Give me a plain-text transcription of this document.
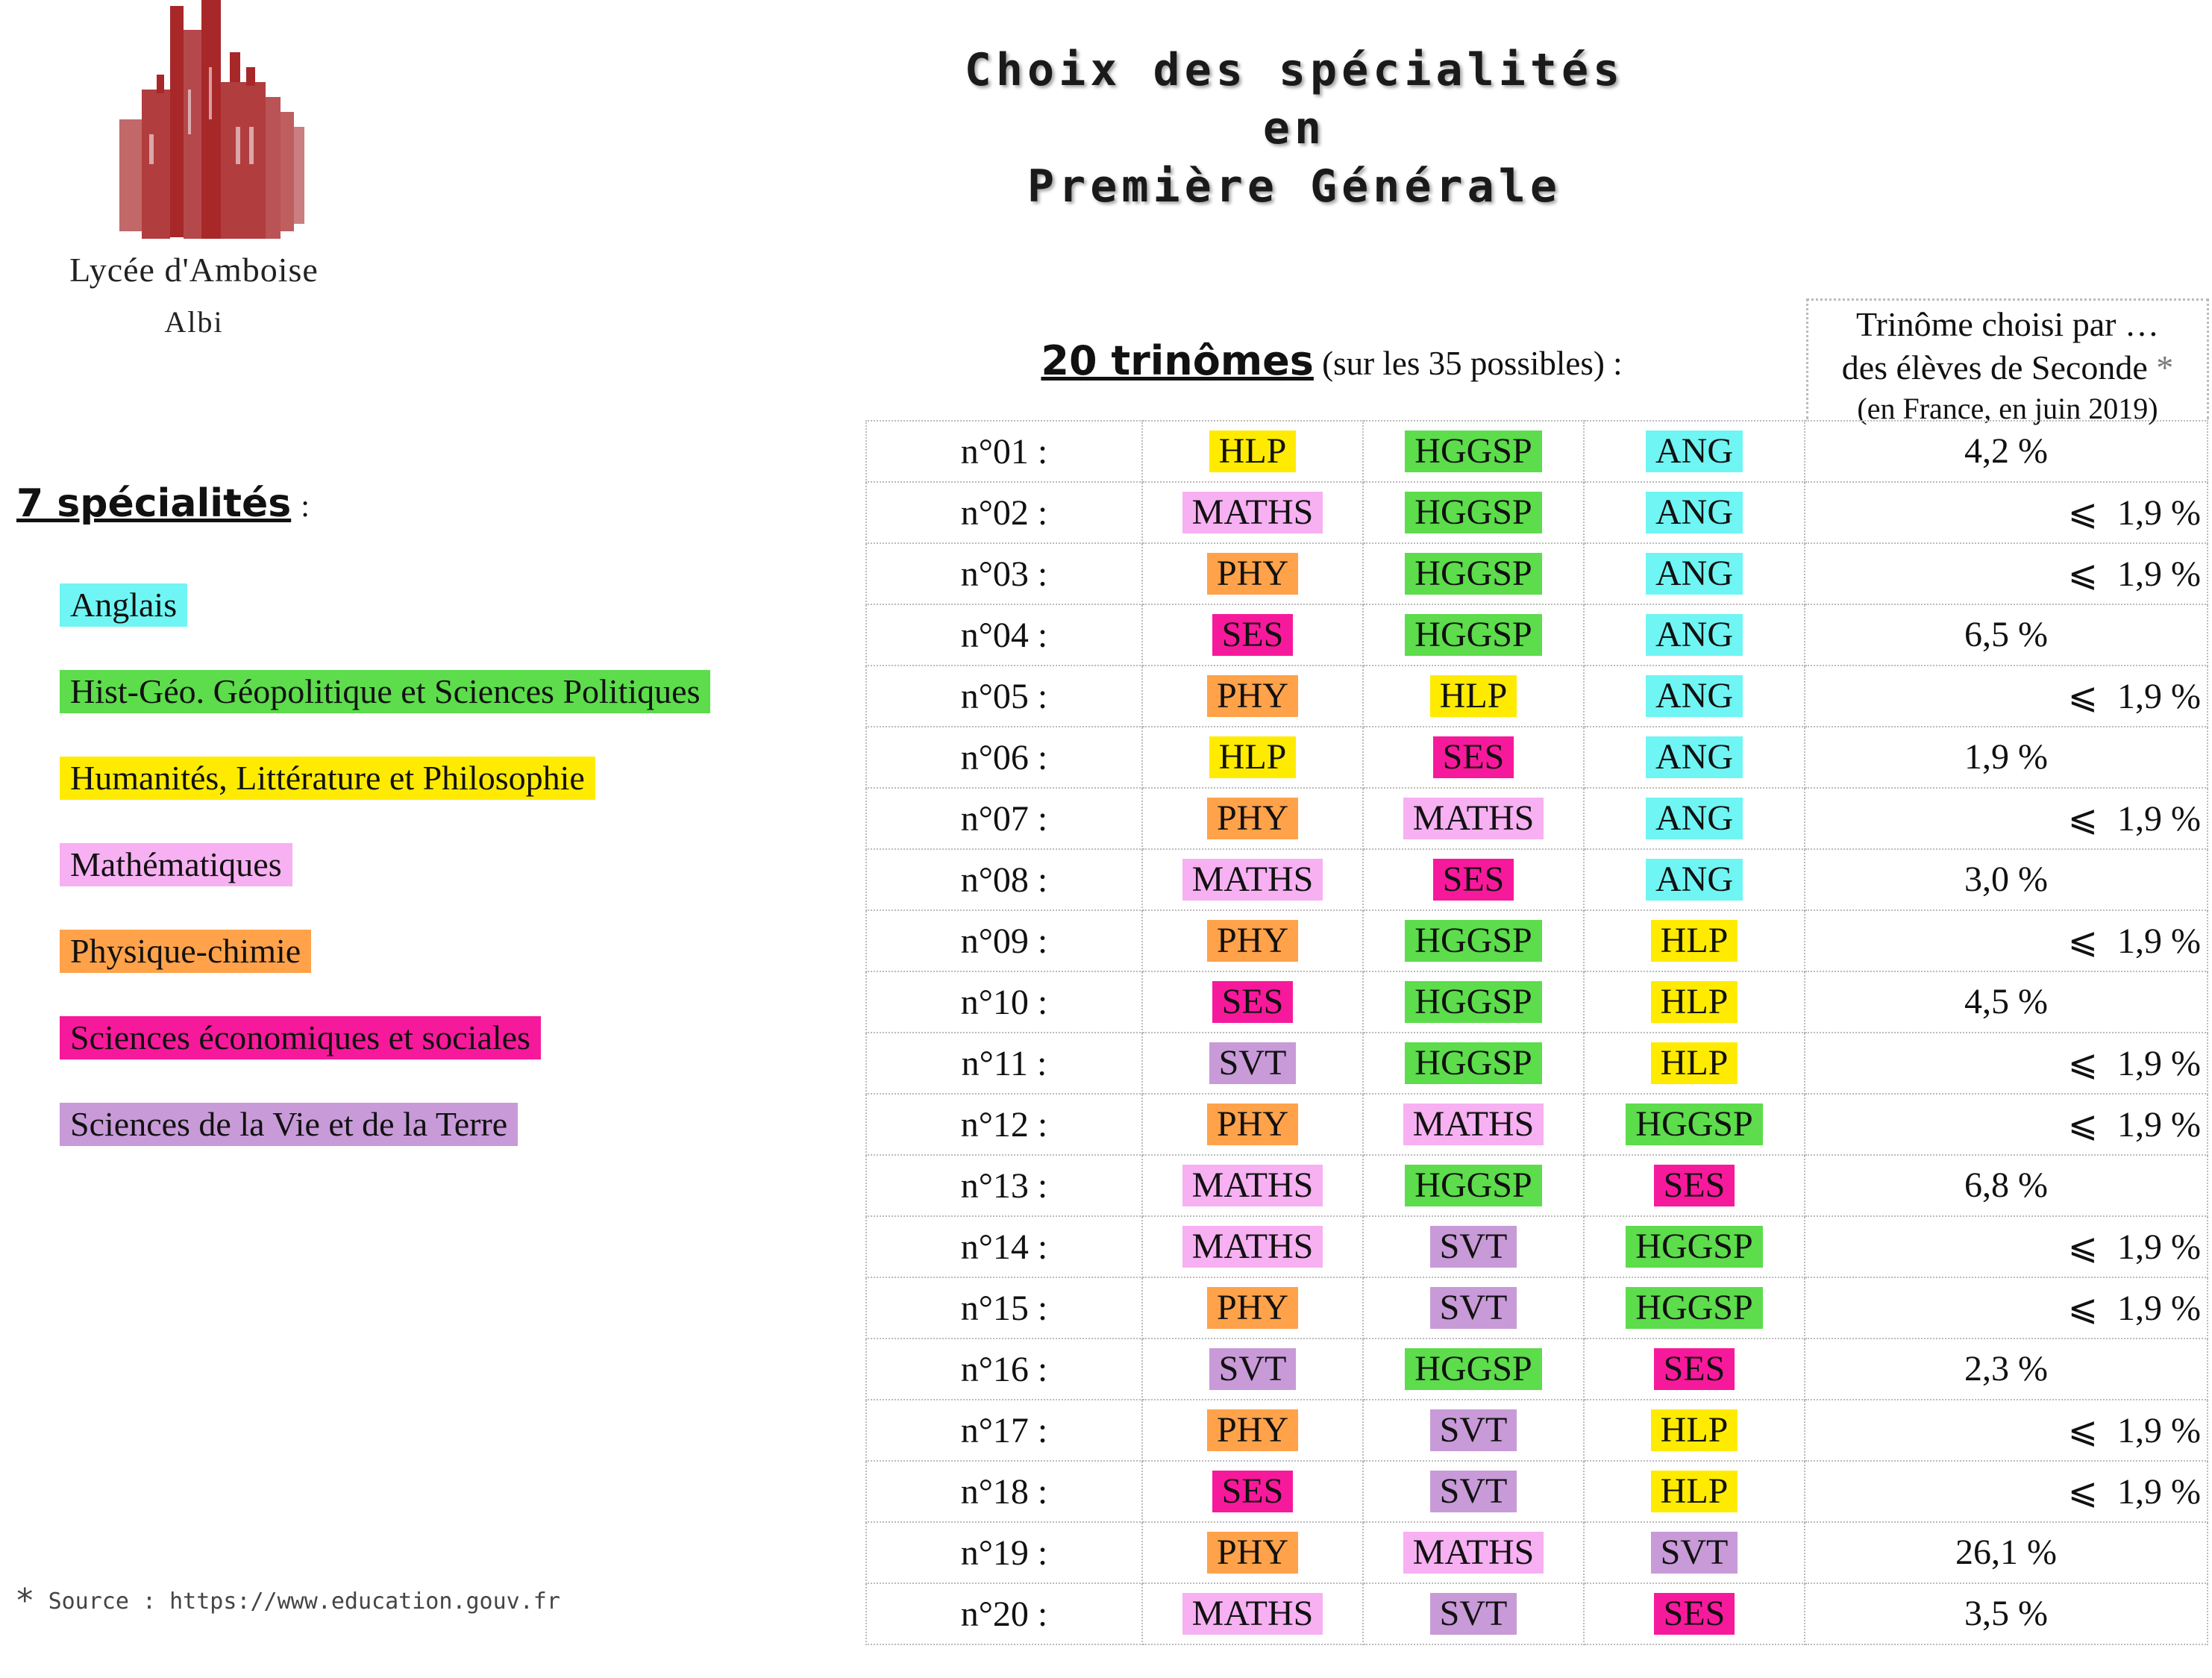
Lycée d'Amboise
Albi
Choix des spécialités
en
Première Générale
7 spécialités :
Anglais
Hist-Géo. Géopolitique et Sciences Politiques
Humanités, Littérature et Philosophie
Mathématiques
Physique-chimie
Sciences économiques et sociales
Sciences de la Vie et de la Terre
20 trinômes (sur les 35 possibles) :
Trinôme choisi par …
des élèves de Seconde *
(en France, en juin 2019)
n°01 :	HLP	HGGSP	ANG	4,2 %

n°02 :	MATHS	HGGSP	ANG	⩽ 1,9 %

n°03 :	PHY	HGGSP	ANG	⩽ 1,9 %

n°04 :	SES	HGGSP	ANG	6,5 %

n°05 :	PHY	HLP	ANG	⩽ 1,9 %

n°06 :	HLP	SES	ANG	1,9 %

n°07 :	PHY	MATHS	ANG	⩽ 1,9 %

n°08 :	MATHS	SES	ANG	3,0 %

n°09 :	PHY	HGGSP	HLP	⩽ 1,9 %

n°10 :	SES	HGGSP	HLP	4,5 %

n°11 :	SVT	HGGSP	HLP	⩽ 1,9 %

n°12 :	PHY	MATHS	HGGSP	⩽ 1,9 %

n°13 :	MATHS	HGGSP	SES	6,8 %

n°14 :	MATHS	SVT	HGGSP	⩽ 1,9 %

n°15 :	PHY	SVT	HGGSP	⩽ 1,9 %

n°16 :	SVT	HGGSP	SES	2,3 %

n°17 :	PHY	SVT	HLP	⩽ 1,9 %

n°18 :	SES	SVT	HLP	⩽ 1,9 %

n°19 :	PHY	MATHS	SVT	26,1 %

n°20 :	MATHS	SVT	SES	3,5 %
* Source : https://www.education.gouv.fr
